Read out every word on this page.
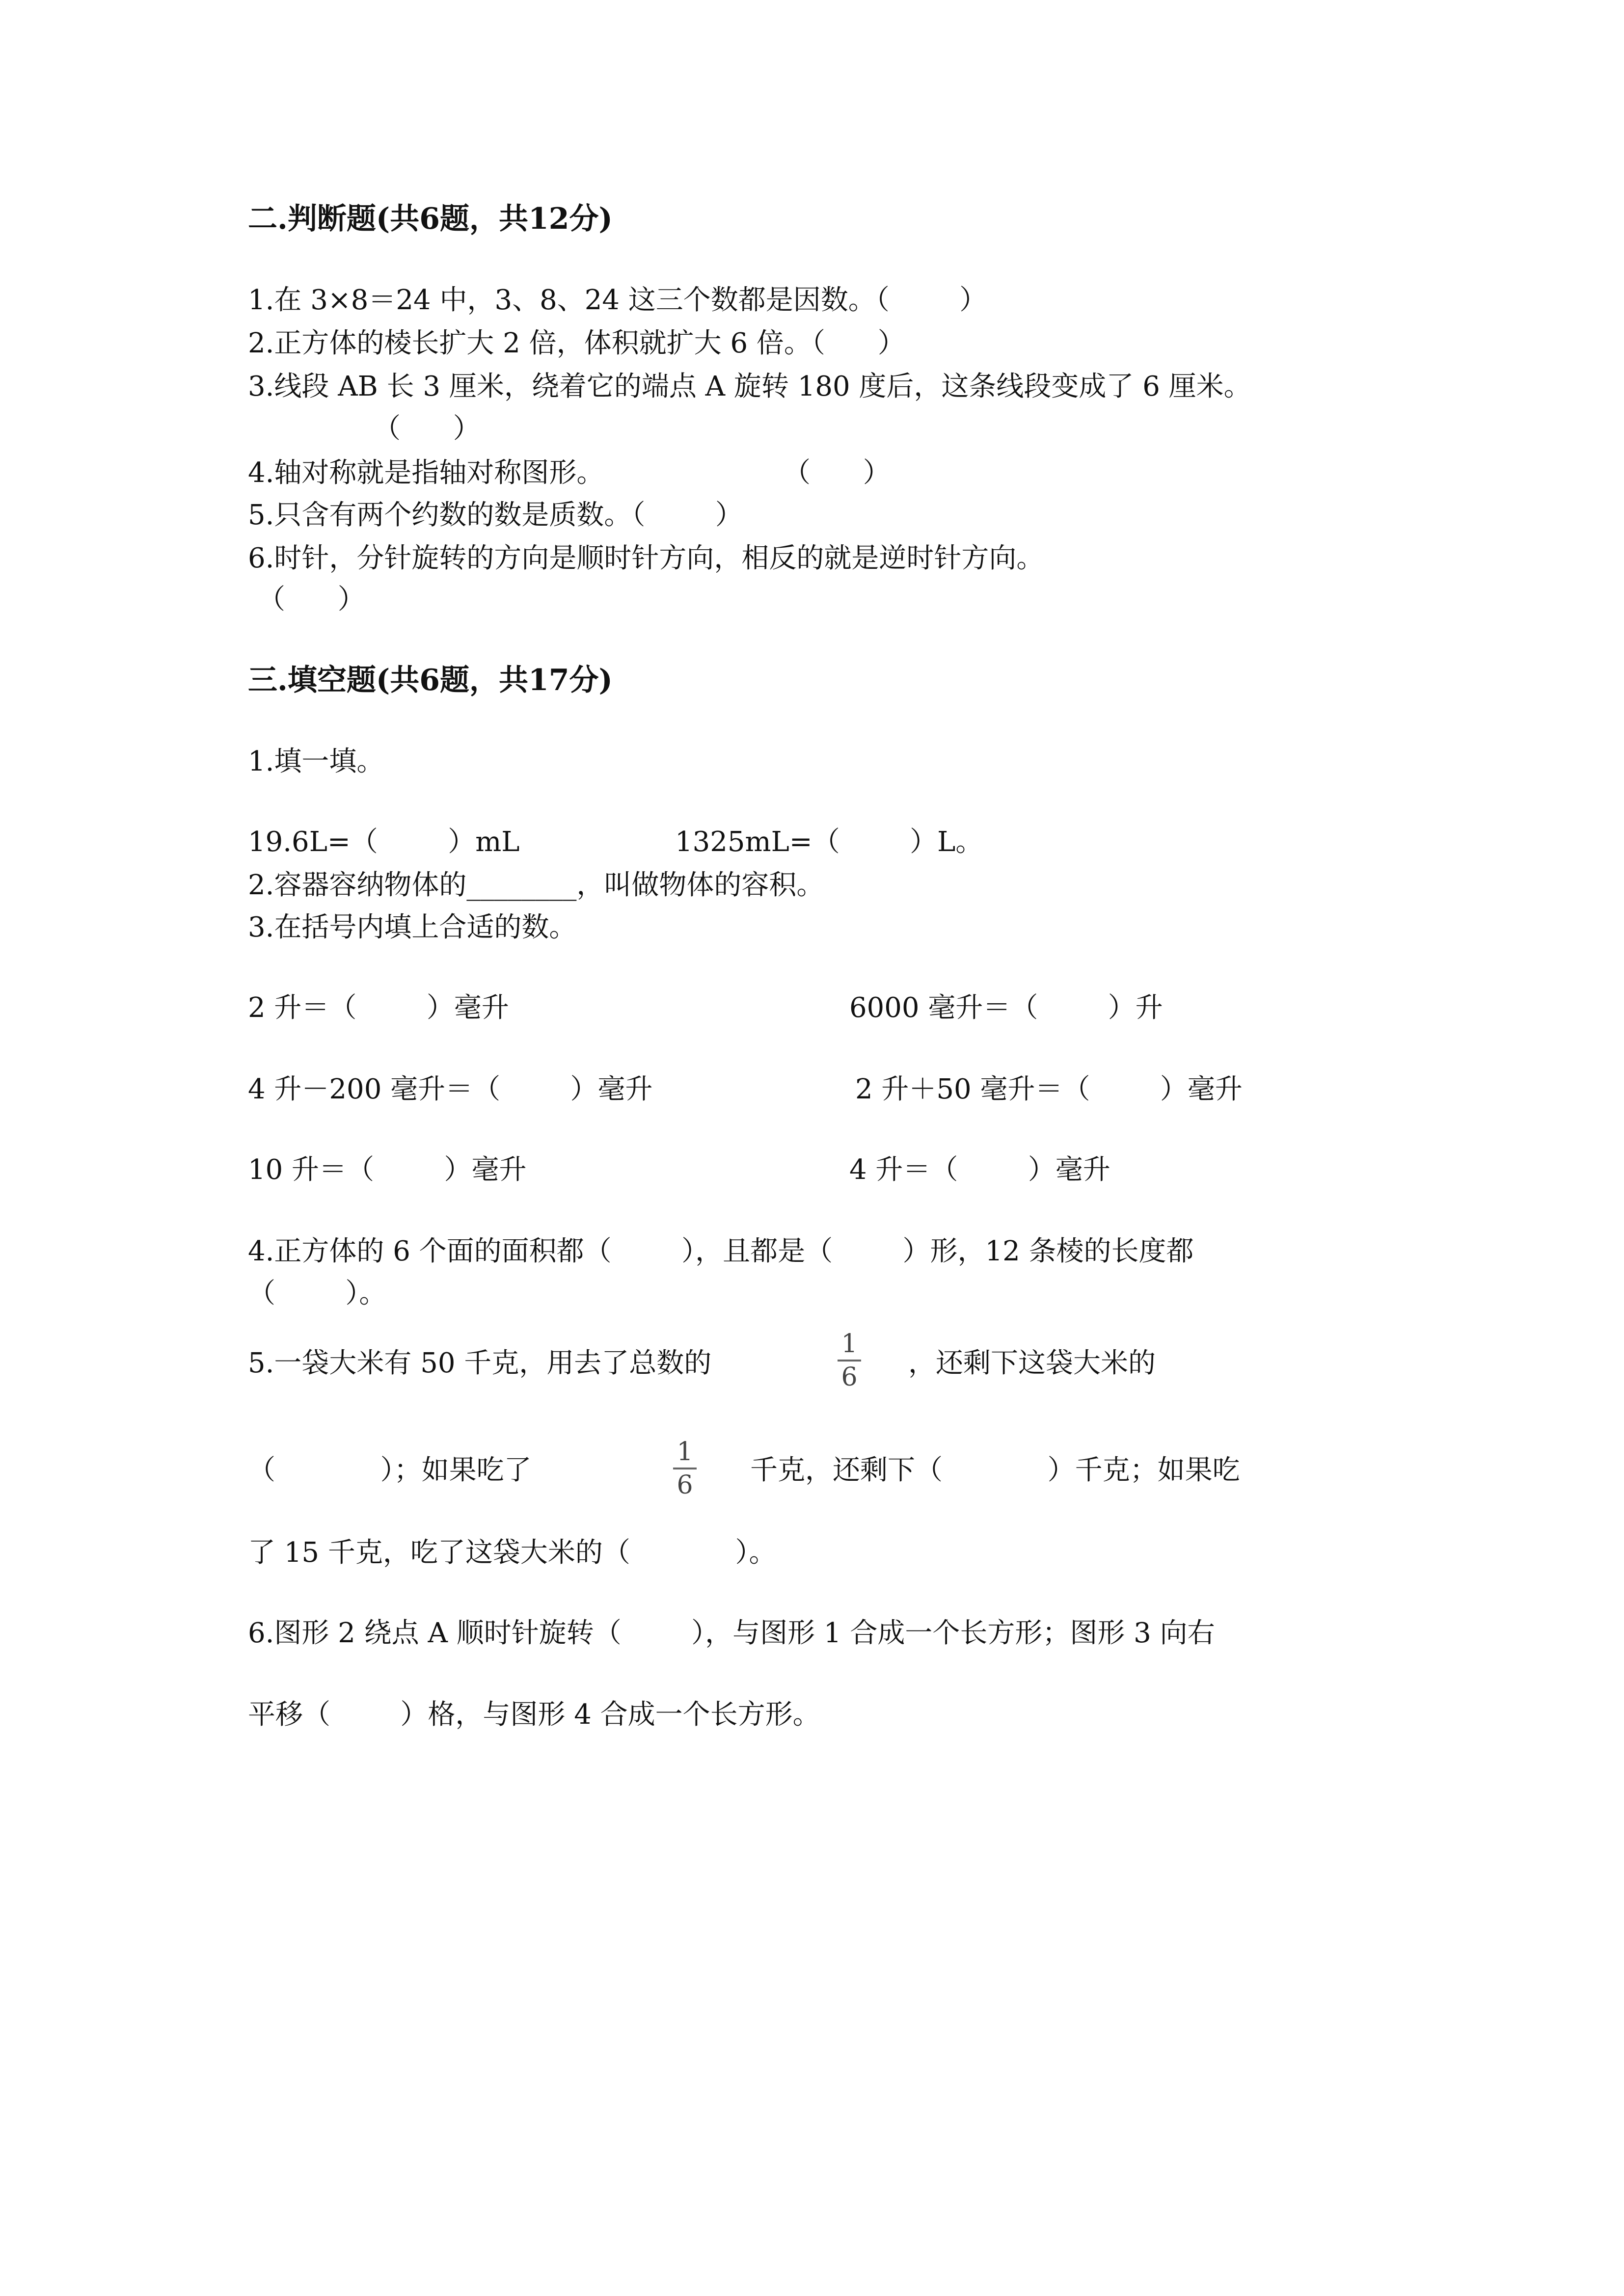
二.判断题(共6题，共12分)
1.在 3×8＝24 中，3、8、24 这三个数都是因数。（        ）
2.正方体的棱长扩大 2 倍，体积就扩大 6 倍。（      ）
3.线段 AB 长 3 厘米，绕着它的端点 A 旋转 180 度后，这条线段变成了 6 厘米。
（      ）
4.轴对称就是指轴对称图形。	（      ）
5.只含有两个约数的数是质数。（        ）
6.时针，分针旋转的方向是顺时针方向，相反的就是逆时针方向。
（      ）
三.填空题(共6题，共17分)
1.填一填。
19.6L=（        ）mL	1325mL=（        ）L。
2.容器容纳物体的________，叫做物体的容积。
3.在括号内填上合适的数。
2 升＝（        ）毫升	6000 毫升＝（        ）升
4 升－200 毫升＝（        ）毫升	2 升＋50 毫升＝（        ）毫升
10 升＝（        ）毫升	4 升＝（        ）毫升
4.正方体的 6 个面的面积都（        ），且都是（        ）形，12 条棱的长度都
（        ）。
5.一袋大米有 50 千克，用去了总数的
1
6 ，还剩下这袋大米的
（            ）；如果吃了
1
6 千克，还剩下（            ）千克；如果吃
了 15 千克，吃了这袋大米的（            ）。
6.图形 2 绕点 A 顺时针旋转（        ），与图形 1 合成一个长方形；图形 3 向右
平移（        ）格，与图形 4 合成一个长方形。
